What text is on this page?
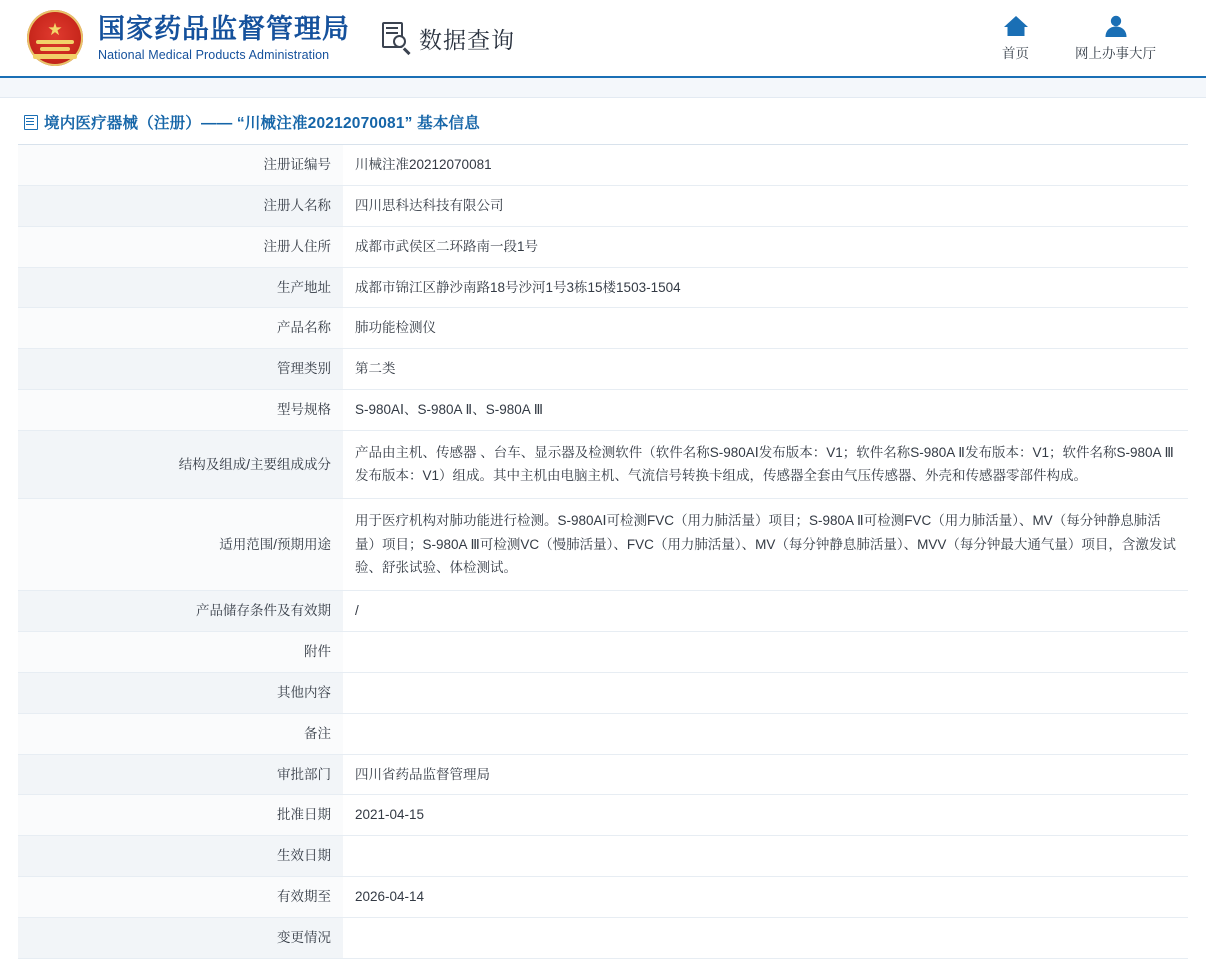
★ 国家药品监督管理局
National Medical Products Administration
数据查询
首页	网上办事大厅
境内医疗器械（注册）—— “川械注准20212070081” 基本信息
注册证编号	川械注准20212070081
注册人名称	四川思科达科技有限公司
注册人住所	成都市武侯区二环路南一段1号
生产地址	成都市锦江区静沙南路18号沙河1号3栋15楼1503-1504
产品名称	肺功能检测仪
管理类别	第二类
型号规格	S-980AⅠ、S-980A Ⅱ、S-980A Ⅲ
结构及组成/主要组成成分	产品由主机、传感器 、台车、显示器及检测软件（软件名称S-980AⅠ发布版本：V1；软件名称S-980A Ⅱ发布版本：V1；软件名称S-980A Ⅲ发布版本：V1）组成。其中主机由电脑主机、气流信号转换卡组成，传感器全套由气压传感器、外壳和传感器零部件构成。
适用范围/预期用途	用于医疗机构对肺功能进行检测。S-980AⅠ可检测FVC（用力肺活量）项目；S-980A Ⅱ可检测FVC（用力肺活量）、MV（每分钟静息肺活量）项目；S-980A Ⅲ可检测VC（慢肺活量）、FVC（用力肺活量）、MV（每分钟静息肺活量）、MVV（每分钟最大通气量）项目，含激发试验、舒张试验、体检测试。
产品储存条件及有效期	/
附件	
其他内容	
备注	
审批部门	四川省药品监督管理局
批准日期	2021-04-15
生效日期	
有效期至	2026-04-14
变更情况	
